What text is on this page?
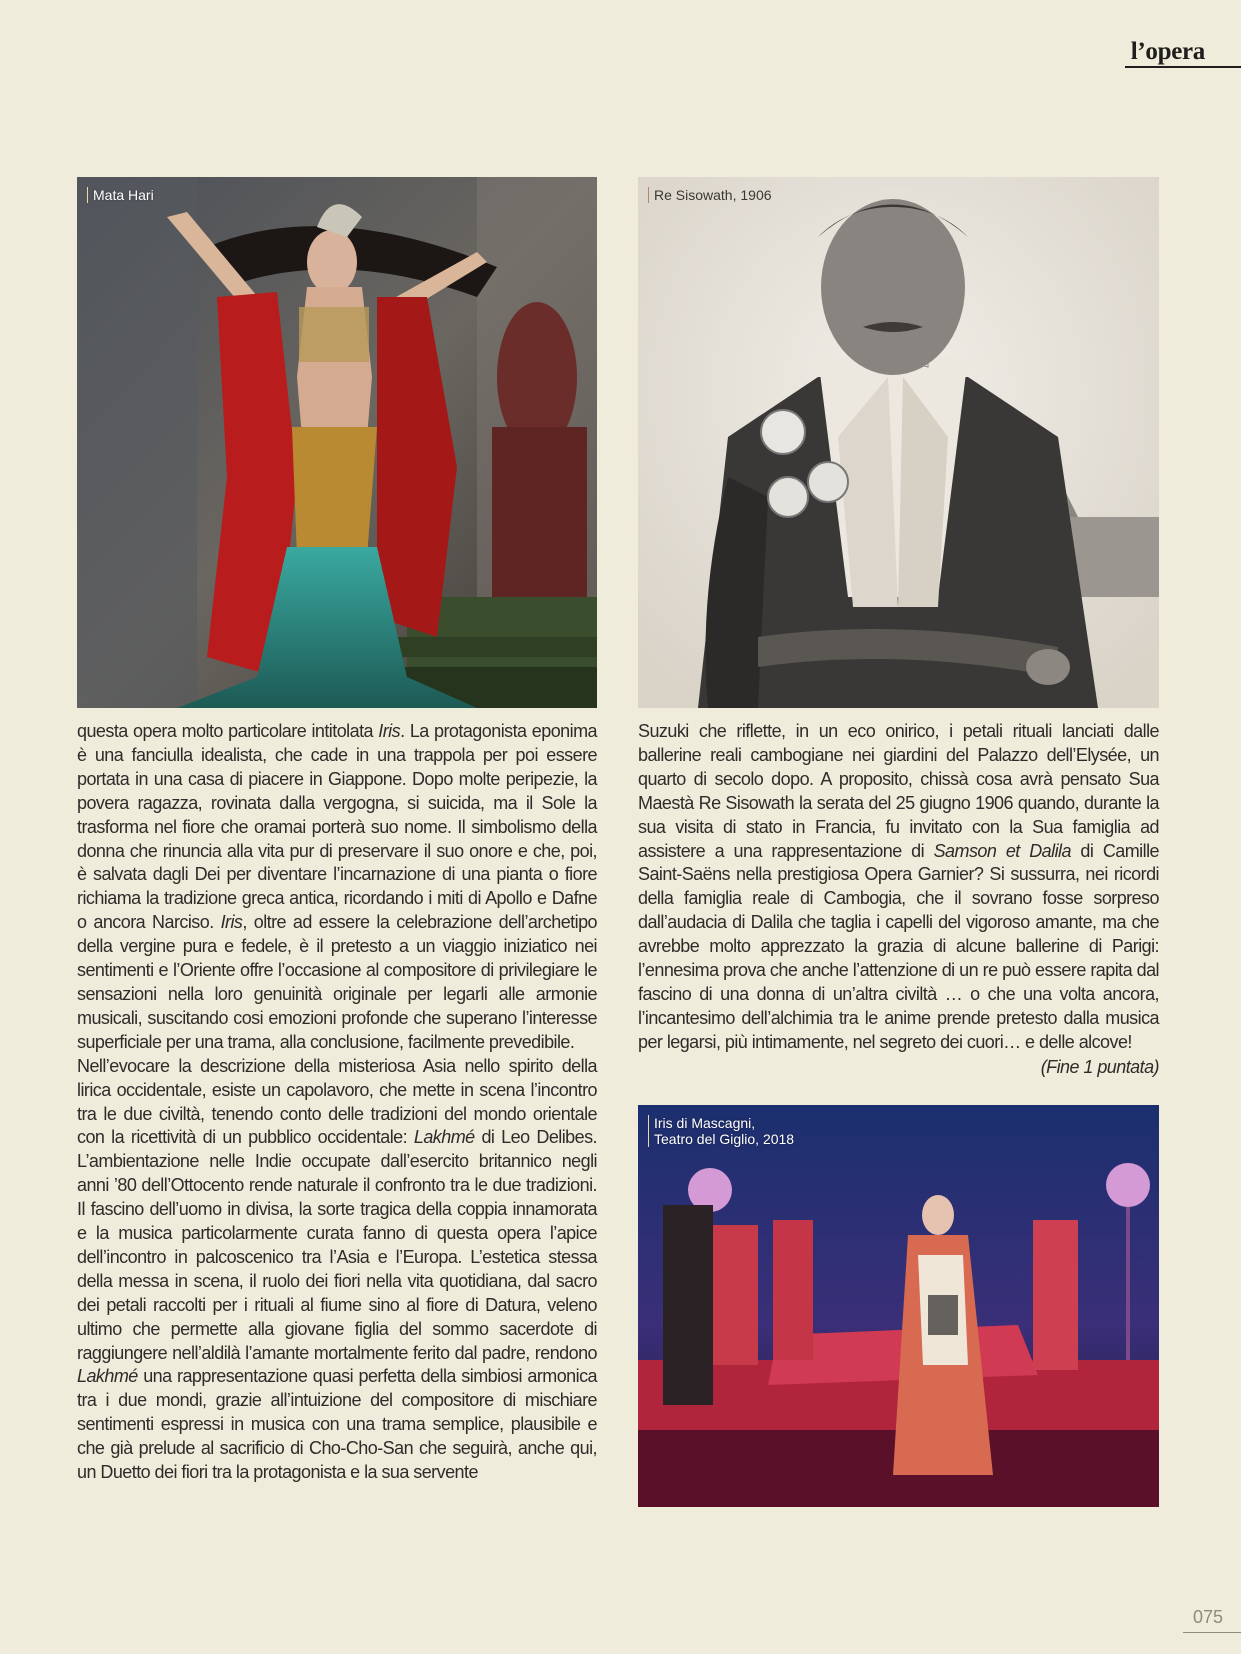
l’opera
Mata Hari	Re Sisowath, 1906

questa opera molto particolare intitolata Iris. La protagonista eponima è una fanciulla idealista, che cade in una trappola per poi essere portata in una casa di piacere in Giappone. Dopo molte peripezie, la povera ragazza, rovinata dalla vergogna, si suicida, ma il Sole la trasforma nel fiore che oramai porterà suo nome. Il simbolismo della donna che rinuncia alla vita pur di preservare il suo onore e che, poi, è salvata dagli Dei per diventare l’incarnazione di una pianta o fiore richiama la tradizione greca antica, ricordando i miti di Apollo e Dafne o ancora Narciso. Iris, oltre ad essere la celebrazione dell’archetipo della vergine pura e fedele, è il pretesto a un viaggio iniziatico nei sentimenti e l’Oriente offre l’occasione al compositore di privilegiare le sensazioni nella loro genuinità originale per legarli alle armonie musicali, suscitando cosi emozioni profonde che superano l’interesse superficiale per una trama, alla conclusione, facilmente prevedibile.

Nell’evocare la descrizione della misteriosa Asia nello spirito della lirica occidentale, esiste un capolavoro, che mette in scena l’incontro tra le due civiltà, tenendo conto delle tradizioni del mondo orientale con la ricettività di un pubblico occidentale: Lakhmé di Leo Delibes. L’ambientazione nelle Indie occupate dall’esercito britannico negli anni ’80 dell’Ottocento rende naturale il confronto tra le due tradizioni. Il fascino dell’uomo in divisa, la sorte tragica della coppia innamorata e la musica particolarmente curata fanno di questa opera l’apice dell’incontro in palcoscenico tra l’Asia e l’Europa. L’estetica stessa della messa in scena, il ruolo dei fiori nella vita quotidiana, dal sacro dei petali raccolti per i rituali al fiume sino al fiore di Datura, veleno ultimo che permette alla giovane figlia del sommo sacerdote di raggiungere nell’aldilà l’amante mortalmente ferito dal padre, rendono Lakhmé una rappresentazione quasi perfetta della simbiosi armonica tra i due mondi, grazie all’intuizione del compositore di mischiare sentimenti espressi in musica con una trama semplice, plausibile e che già prelude al sacrificio di Cho-Cho-San che seguirà, anche qui, un Duetto dei fiori tra la protagonista e la sua servente

Suzuki che riflette, in un eco onirico, i petali rituali lanciati dalle ballerine reali cambogiane nei giardini del Palazzo dell’Elysée, un quarto di secolo dopo. A proposito, chissà cosa avrà pensato Sua Maestà Re Sisowath la serata del 25 giugno 1906 quando, durante la sua visita di stato in Francia, fu invitato con la Sua famiglia ad assistere a una rappresentazione di Samson et Dalila di Camille Saint-Saëns nella prestigiosa Opera Garnier? Si sussurra, nei ricordi della famiglia reale di Cambogia, che il sovrano fosse sorpreso dall’audacia di Dalila che taglia i capelli del vigoroso amante, ma che avrebbe molto apprezzato la grazia di alcune ballerine di Parigi: l’ennesima prova che anche l’attenzione di un re può essere rapita dal fascino di una donna di un’altra civiltà … o che una volta ancora, l’incantesimo dell’alchimia tra le anime prende pretesto dalla musica per legarsi, più intimamente, nel segreto dei cuori… e delle alcove!

(Fine 1 puntata)

Iris di Mascagni,
Teatro del Giglio, 2018
075
